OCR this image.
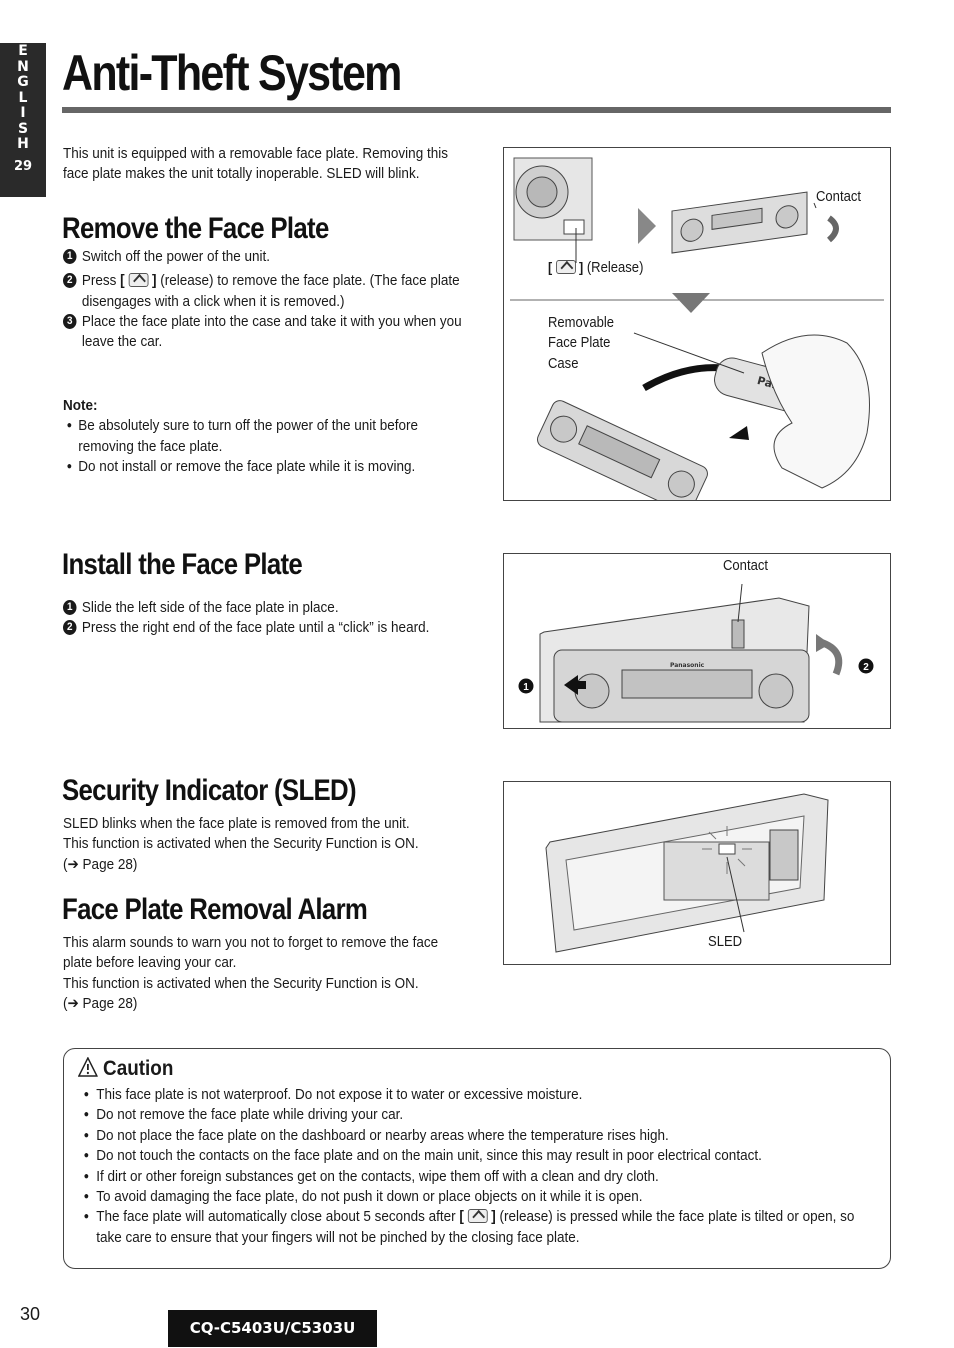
E
N
G
L
I
S
H
29
Anti-Theft System
This unit is equipped with a removable face plate. Removing this face plate makes the unit totally inoperable. SLED will blink.
Remove the Face Plate
1 Switch off the power of the unit.
2 Press [ ] (release) to remove the face plate. (The face plate disengages with a click when it is removed.)
3 Place the face plate into the case and take it with you when you leave the car.
Note:
● Be absolutely sure to turn off the power of the unit before removing the face plate.
● Do not install or remove the face plate while it is moving.
Contact
[  ] (Release)
Removable
Face Plate
Case
Install the Face Plate
1 Slide the left side of the face plate in place.
2 Press the right end of the face plate until a “click” is heard.
Panasonic
1
2
Contact
Security Indicator (SLED)
SLED blinks when the face plate is removed from the unit.
This function is activated when the Security Function is ON.
(➔ Page 28)
SLED
Face Plate Removal Alarm
This alarm sounds to warn you not to forget to remove the face plate before leaving your car.
This function is activated when the Security Function is ON.
(➔ Page 28)
Caution
● This face plate is not waterproof. Do not expose it to water or excessive moisture.
● Do not remove the face plate while driving your car.
● Do not place the face plate on the dashboard or nearby areas where the temperature rises high.
● Do not touch the contacts on the face plate and on the main unit, since this may result in poor electrical contact.
● If dirt or other foreign substances get on the contacts, wipe them off with a clean and dry cloth.
● To avoid damaging the face plate, do not push it down or place objects on it while it is open.
● The face plate will automatically close about 5 seconds after [ ] (release) is pressed while the face plate is tilted or open, so take care to ensure that your fingers will not be pinched by the closing face plate.
30
CQ-C5403U/C5303U
